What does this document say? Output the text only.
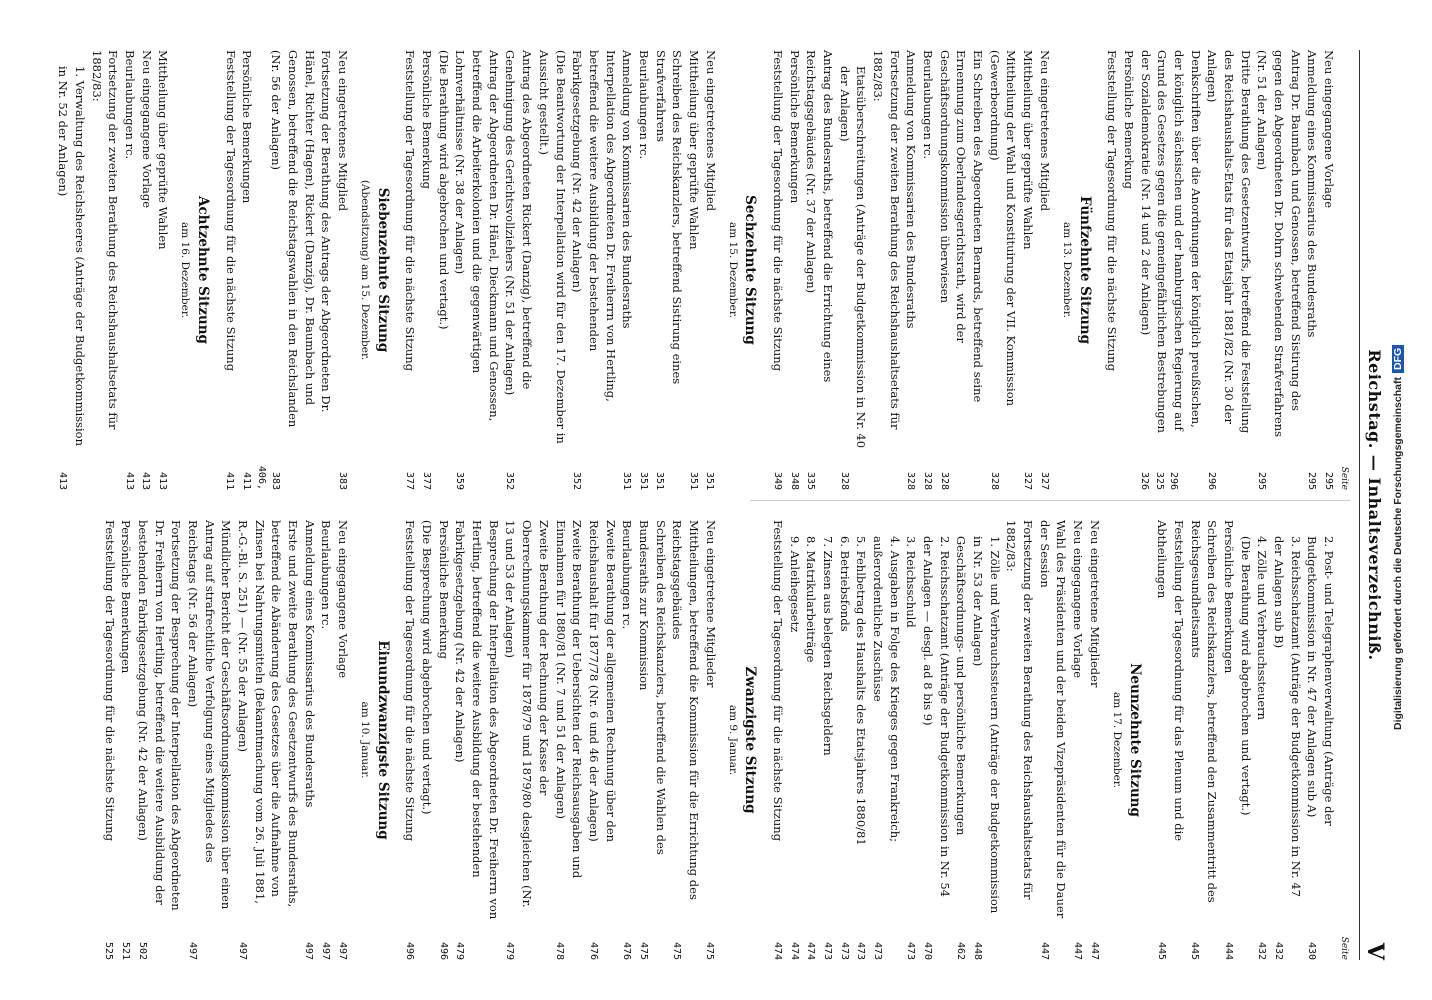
Reichstag. — Inhaltsverzeichniß.
V
Seite
Neu eingegangene Vorlage
295
Anmeldung eines Kommissarius des Bundesraths
295
Antrag Dr. Baumbach und Genossen, betreffend Sistirung des gegen den Abgeordneten Dr. Dohrn schwebenden Strafverfahrens (Nr. 51 der Anlagen)
295
Dritte Berathung des Gesetzentwurfs, betreffend die Feststellung des Reichshaushalts-Etats für das Etatsjahr 1881/82 (Nr. 30 der Anlagen)
296
Denkschriften über die Anordnungen der königlich preußischen, der königlich sächsischen und der hamburgischen Regierung auf Grund des Gesetzes gegen die gemeingefährlichen Bestrebungen der Sozialdemokratie (Nr. 14 und 2 der Anlagen)
296
325
326
Persönliche Bemerkung
Feststellung der Tagesordnung für die nächste Sitzung
Fünfzehnte Sitzung
am 13. Dezember.
Neu eingetretenes Mitglied
327
Mittheilung über geprüfte Wahlen
327
Mittheilung der Wahl und Konstituirung der VII. Kommission (Gewerbeordnung)
328
Ein Schreiben des Abgeordneten Bernards, betreffend seine Ernennung zum Oberlandesgerichtsrath, wird der Geschäftsordnungskommission überwiesen
328
Beurlaubungen rc.
328
Anmeldung von Kommissarien des Bundesraths
328
Fortsetzung der zweiten Berathung des Reichshaushaltsetats für 1882/83:
Etatsüberschreitungen (Anträge der Budgetkommission in Nr. 40 der Anlagen)
328
Antrag des Bundesraths, betreffend die Errichtung eines Reichstagsgebäudes (Nr. 37 der Anlagen)
335
Persönliche Bemerkungen
348
Feststellung der Tagesordnung für die nächste Sitzung
349
Sechzehnte Sitzung
am 15. Dezember.
Neu eingetretenes Mitglied
351
Mittheilung über geprüfte Wahlen
351
Schreiben des Reichskanzlers, betreffend Sistirung eines Strafverfahrens
351
Beurlaubungen rc.
351
Anmeldung von Kommissarien des Bundesraths
351
Interpellation des Abgeordneten Dr. Freiherrn von Hertling, betreffend die weitere Ausbildung der bestehenden Fabrikgesetzgebung (Nr. 42 der Anlagen)
352
(Die Beantwortung der Interpellation wird für den 17. Dezember in Aussicht gestellt.)
Antrag des Abgeordneten Rickert (Danzig), betreffend die Genehmigung des Gerichtsvollziehers (Nr. 51 der Anlagen)
352
Antrag der Abgeordneten Dr. Hänel, Dieckmann und Genossen, betreffend die Arbeiterkolonien und die gegenwärtigen Lohnverhältnisse (Nr. 38 der Anlagen)
359
(Die Berathung wird abgebrochen und vertagt.)
Persönliche Bemerkung
377
Feststellung der Tagesordnung für die nächste Sitzung
377
Siebenzehnte Sitzung
(Abendsitzung) am 15. Dezember.
Neu eingetretenes Mitglied
383
Fortsetzung der Berathung des Antrags der Abgeordneten Dr. Hänel, Richter (Hagen), Rickert (Danzig), Dr. Baumbach und Genossen, betreffend die Reichstagswahlen in den Reichslanden (Nr. 56 der Anlagen)
383
Persönliche Bemerkungen
406, 411
Feststellung der Tagesordnung für die nächste Sitzung
411
Achtzehnte Sitzung
am 16. Dezember.
Mittheilung über geprüfte Wahlen
413
Neu eingegangene Vorlage
413
Beurlaubungen rc.
413
Fortsetzung der zweiten Berathung des Reichshaushaltsetats für 1882/83:
1. Verwaltung des Reichsheeres (Anträge der Budgetkommission in Nr. 52 der Anlagen)
413
Seite
2. Post- und Telegraphenverwaltung (Anträge der Budgetkommission in Nr. 47 der Anlagen sub A)
430
3. Reichsschatzamt (Anträge der Budgetkommission in Nr. 47 der Anlagen sub B)
432
4. Zölle und Verbrauchssteuern
432
(Die Berathung wird abgebrochen und vertagt.)
Persönliche Bemerkungen
444
Schreiben des Reichskanzlers, betreffend den Zusammentritt des Reichsgesundheitsamts
445
Feststellung der Tagesordnung für das Plenum und die Abtheilungen
445
Neunzehnte Sitzung
am 17. Dezember.
Neu eingetretene Mitglieder
447
Neu eingegangene Vorlage
447
Wahl des Präsidenten und der beiden Vizepräsidenten für die Dauer der Session
447
Fortsetzung der zweiten Berathung des Reichshaushaltsetats für 1882/83:
1. Zölle und Verbrauchssteuern (Anträge der Budgetkommission in Nr. 53 der Anlagen)
448
Geschäftsordnungs- und persönliche Bemerkungen
462
2. Reichsschatzamt (Anträge der Budgetkommission in Nr. 54 der Anlagen — desgl. ad 8 bis 9)
470
3. Reichsschuld
473
4. Ausgaben in Folge des Krieges gegen Frankreich; außerordentliche Zuschüsse
473
5. Fehlbetrag des Haushalts des Etatsjahres 1880/81
473
6. Betriebsfonds
473
7. Zinsen aus belegten Reichsgeldern
473
8. Matrikularbeiträge
474
9. Anleihegesetz
474
Feststellung der Tagesordnung für die nächste Sitzung
474
Zwanzigste Sitzung
am 9. Januar.
Neu eingetretene Mitglieder
475
Mittheilungen, betreffend die Kommission für die Errichtung des Reichstagsgebäudes
475
Schreiben des Reichskanzlers, betreffend die Wahlen des Bundesraths zur Kommission
475
Beurlaubungen rc.
476
Zweite Berathung der allgemeinen Rechnung über den Reichshaushalt für 1877/78 (Nr. 6 und 46 der Anlagen)
476
Zweite Berathung der Uebersichten der Reichsausgaben und Einnahmen für 1880/81 (Nr. 7 und 51 der Anlagen)
478
Zweite Berathung der Rechnung der Kasse der Oberrechnungskammer für 1878/79 und 1879/80 desgleichen (Nr. 13 und 53 der Anlagen)
479
Besprechung der Interpellation des Abgeordneten Dr. Freiherrn von Hertling, betreffend die weitere Ausbildung der bestehenden Fabrikgesetzgebung (Nr. 42 der Anlagen)
479
Persönliche Bemerkung
496
(Die Besprechung wird abgebrochen und vertagt.)
Feststellung der Tagesordnung für die nächste Sitzung
496
Einundzwanzigste Sitzung
am 10. Januar.
Neu eingegangene Vorlage
497
Beurlaubungen rc.
497
Anmeldung eines Kommissarius des Bundesraths
497
Erste und zweite Berathung des Gesetzentwurfs des Bundesraths, betreffend die Abänderung des Gesetzes über die Aufnahme von Zinsen bei Nahrungsmitteln (Bekanntmachung vom 26. Juli 1881, R.-G.-Bl. S. 251) — (Nr. 55 der Anlagen)
497
Mündlicher Bericht der Geschäftsordnungskommission über einen Antrag auf strafrechtliche Verfolgung eines Mitgliedes des Reichstags (Nr. 56 der Anlagen)
497
Fortsetzung der Besprechung der Interpellation des Abgeordneten Dr. Freiherrn von Hertling, betreffend die weitere Ausbildung der bestehenden Fabrikgesetzgebung (Nr. 42 der Anlagen)
502
Persönliche Bemerkungen
521
Feststellung der Tagesordnung für die nächste Sitzung
525
Digitalisierung gefördert durch die Deutsche ForschungsgemeinschaftDFG
